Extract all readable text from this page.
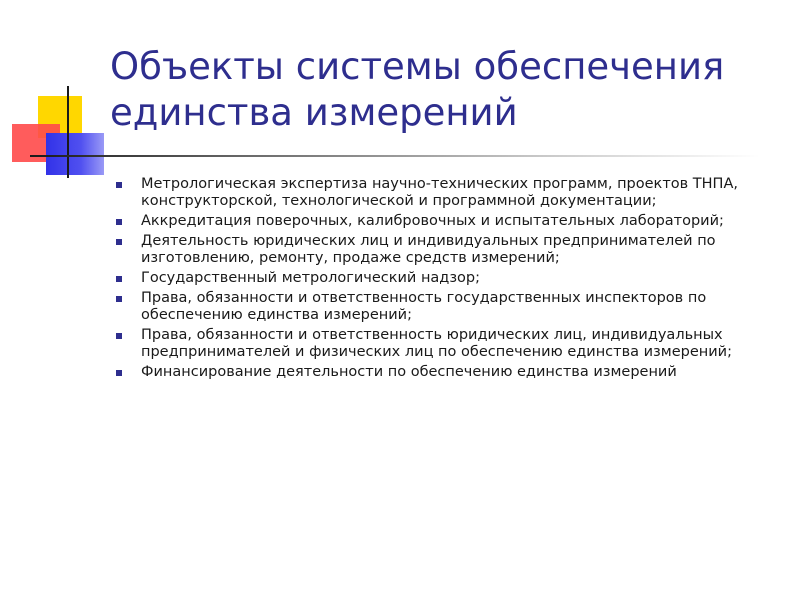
Объекты системы обеспечения
единства измерений
Метрологическая экспертиза научно-технических программ, проектов ТНПА, конструкторской, технологической и программной документации;
Аккредитация поверочных, калибровочных и испытательных лабораторий;
Деятельность юридических лиц и индивидуальных предпринимателей по изготовлению, ремонту, продаже средств измерений;
Государственный метрологический надзор;
Права, обязанности и ответственность государственных инспекторов по обеспечению единства измерений;
Права, обязанности и ответственность юридических лиц, индивидуальных предпринимателей и физических лиц по обеспечению единства измерений;
Финансирование деятельности по обеспечению единства измерений
